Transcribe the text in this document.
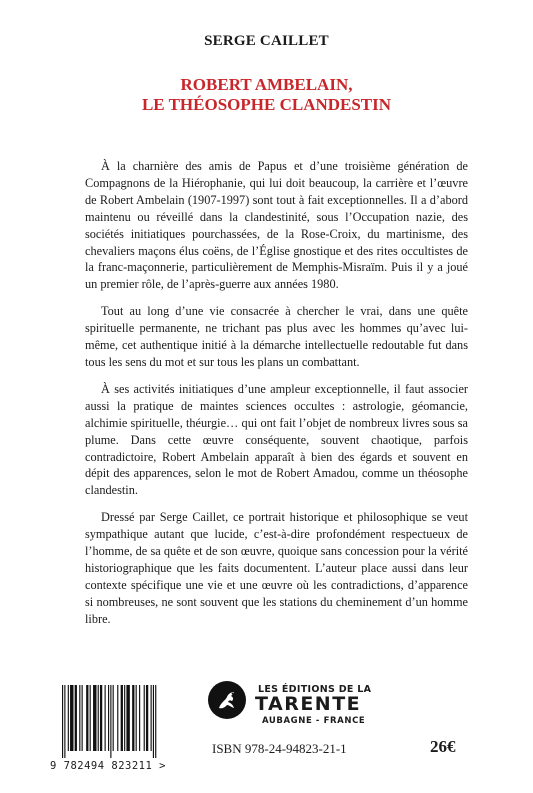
SERGE CAILLET
ROBERT AMBELAIN,
LE THÉOSOPHE CLANDESTIN

À la charnière des amis de Papus et d’une troisième génération de Compagnons de la Hiérophanie, qui lui doit beaucoup, la carrière et l’œuvre de Robert Ambelain (1907-1997) sont tout à fait exceptionnelles. Il a d’abord maintenu ou réveillé dans la clandestinité, sous l’Occupation nazie, des sociétés initiatiques pourchassées, de la Rose-Croix, du martinisme, des chevaliers maçons élus coëns, de l’Église gnostique et des rites occultistes de la franc-maçonnerie, particulièrement de Memphis-Misraïm. Puis il y a joué un premier rôle, de l’après-guerre aux années 1980.

Tout au long d’une vie consacrée à chercher le vrai, dans une quête spirituelle permanente, ne trichant pas plus avec les hommes qu’avec lui-même, cet authentique initié à la démarche intellectuelle redoutable fut dans tous les sens du mot et sur tous les plans un combattant.

À ses activités initiatiques d’une ampleur exceptionnelle, il faut associer aussi la pratique de maintes sciences occultes : astrologie, géomancie, alchimie spirituelle, théurgie… qui ont fait l’objet de nombreux livres sous sa plume. Dans cette œuvre conséquente, souvent chaotique, parfois contradictoire, Robert Ambelain apparaît à bien des égards et souvent en dépit des apparences, selon le mot de Robert Amadou, comme un théosophe clandestin.

Dressé par Serge Caillet, ce portrait historique et philosophique se veut sympathique autant que lucide, c’est-à-dire profondément respectueux de l’homme, de sa quête et de son œuvre, quoique sans concession pour la vérité historiographique que les faits documentent. L’auteur place aussi dans leur contexte spécifique une vie et une œuvre où les contradictions, d’apparence si nombreuses, ne sont souvent que les stations du cheminement d’un homme libre.

9 782494 823211 >
LES ÉDITIONS DE LA
TARENTE
AUBAGNE - FRANCE
ISBN 978-24-94823-21-1	26€
